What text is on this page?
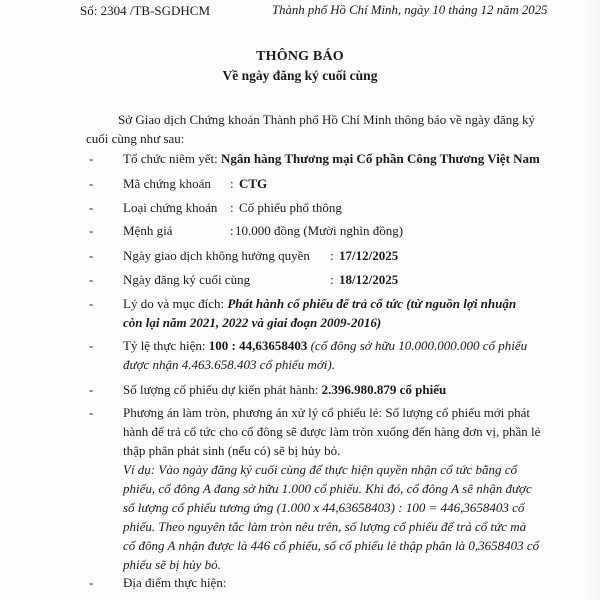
Số: 2304 /TB-SGDHCM	Thành phố Hồ Chí Minh, ngày 10 tháng 12 năm 2025
THÔNG BÁO
Về ngày đăng ký cuối cùng
Sở Giao dịch Chứng khoán Thành phố Hồ Chí Minh thông báo về ngày đăng ký
cuối cùng như sau:
- Tổ chức niêm yết: Ngân hàng Thương mại Cổ phần Công Thương Việt Nam
- Mã chứng khoán : CTG
- Loại chứng khoán : Cổ phiếu phổ thông
- Mệnh giá	: 10.000 đồng (Mười nghìn đồng)
- Ngày giao dịch không hưởng quyền : 17/12/2025
- Ngày đăng ký cuối cùng	: 18/12/2025
- Lý do và mục đích: Phát hành cổ phiếu để trả cổ tức (từ nguồn lợi nhuận
còn lại năm 2021, 2022 và giai đoạn 2009-2016)
- Tỷ lệ thực hiện: 100 : 44,63658403 (cổ đông sở hữu 10.000.000.000 cổ phiếu
được nhận 4.463.658.403 cổ phiếu mới).
- Số lượng cổ phiếu dự kiến phát hành: 2.396.980.879 cổ phiếu
- Phương án làm tròn, phương án xử lý cổ phiếu lẻ: Số lượng cổ phiếu mới phát
hành để trả cổ tức cho cổ đông sẽ được làm tròn xuống đến hàng đơn vị, phần lẻ
thập phân phát sinh (nếu có) sẽ bị hủy bỏ.
Ví dụ: Vào ngày đăng ký cuối cùng để thực hiện quyền nhận cổ tức bằng cổ
phiếu, cổ đông A đang sở hữu 1.000 cổ phiếu. Khi đó, cổ đông A sẽ nhận được
số lượng cổ phiếu tương ứng (1.000 x 44,63658403) : 100 = 446,3658403 cổ
phiếu. Theo nguyên tắc làm tròn nêu trên, số lượng cổ phiếu để trả cổ tức mà
cổ đông A nhận được là 446 cổ phiếu, số cổ phiếu lẻ thập phân là 0,3658403 cổ
phiếu sẽ bị hủy bỏ.
- Địa điểm thực hiện:
